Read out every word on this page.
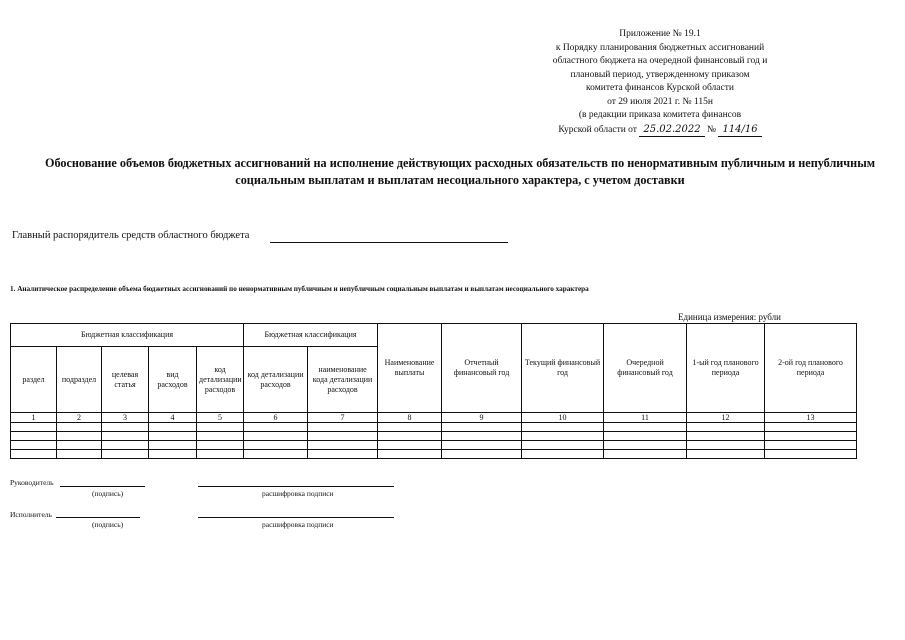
Приложение № 19.1
к Порядку планирования бюджетных ассигнований
областного бюджета на очередной финансовый год и
плановый период, утвержденному приказом
комитета финансов Курской области
от 29 июля 2021 г. № 115н
(в редакции приказа комитета финансов
Курской области от 25.02.2022 № 114/16
Обоснование объемов бюджетных ассигнований на исполнение действующих расходных обязательств по ненормативным публичным и непубличным социальным выплатам и выплатам несоциального характера, с учетом доставки
Главный распорядитель средств областного бюджета
1. Аналитическое распределение объема бюджетных ассигнований по ненормативным публичным и непубличным социальным выплатам и выплатам несоциального характера
Единица измерения: рубли
Бюджетная классификация					Бюджетная классификация		Наименование выплаты	Отчетный финансовый год	Текущий финансовый год	Очередной финансовый год	1-ый год планового периода	2-ой год планового периода
раздел	подраздел	целевая статья	вид расходов	код детализации расходов	код детализации расходов	наименование кода детализации расходов						
1	2	3	4	5	6	7	8	9	10	11	12	13

Руководитель
(подпись)	расшифровка подписи
Исполнитель
(подпись)	расшифровка подписи
